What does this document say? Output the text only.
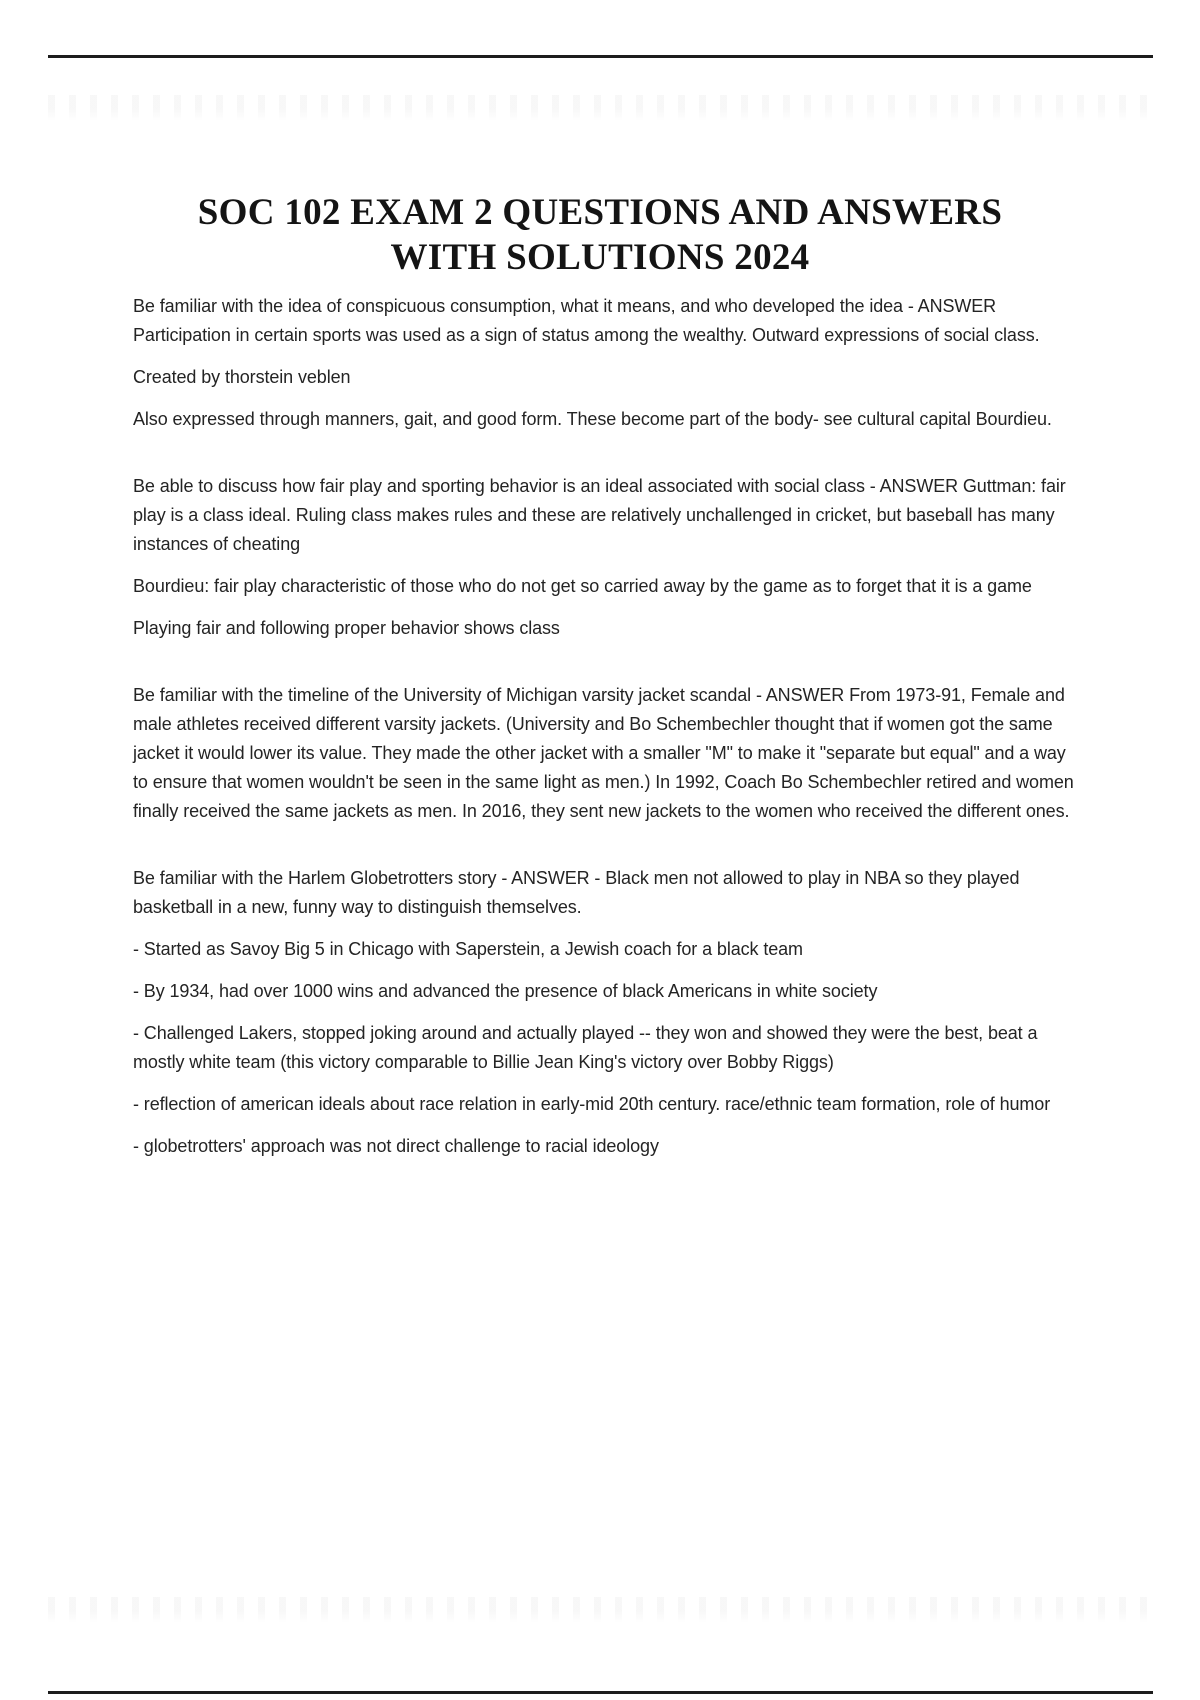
SOC 102 EXAM 2 QUESTIONS AND ANSWERS
WITH SOLUTIONS 2024

Be familiar with the idea of conspicuous consumption, what it means, and who developed the idea - ANSWER Participation in certain sports was used as a sign of status among the wealthy. Outward expressions of social class.

Created by thorstein veblen

Also expressed through manners, gait, and good form. These become part of the body- see cultural capital Bourdieu.

Be able to discuss how fair play and sporting behavior is an ideal associated with social class - ANSWER Guttman: fair play is a class ideal. Ruling class makes rules and these are relatively unchallenged in cricket, but baseball has many instances of cheating

Bourdieu: fair play characteristic of those who do not get so carried away by the game as to forget that it is a game

Playing fair and following proper behavior shows class

Be familiar with the timeline of the University of Michigan varsity jacket scandal - ANSWER From 1973-91, Female and male athletes received different varsity jackets. (University and Bo Schembechler thought that if women got the same jacket it would lower its value. They made the other jacket with a smaller "M" to make it "separate but equal" and a way to ensure that women wouldn't be seen in the same light as men.) In 1992, Coach Bo Schembechler retired and women finally received the same jackets as men. In 2016, they sent new jackets to the women who received the different ones.

Be familiar with the Harlem Globetrotters story - ANSWER - Black men not allowed to play in NBA so they played basketball in a new, funny way to distinguish themselves.

- Started as Savoy Big 5 in Chicago with Saperstein, a Jewish coach for a black team

- By 1934, had over 1000 wins and advanced the presence of black Americans in white society

- Challenged Lakers, stopped joking around and actually played -- they won and showed they were the best, beat a mostly white team (this victory comparable to Billie Jean King's victory over Bobby Riggs)

- reflection of american ideals about race relation in early-mid 20th century. race/ethnic team formation, role of humor

- globetrotters' approach was not direct challenge to racial ideology
